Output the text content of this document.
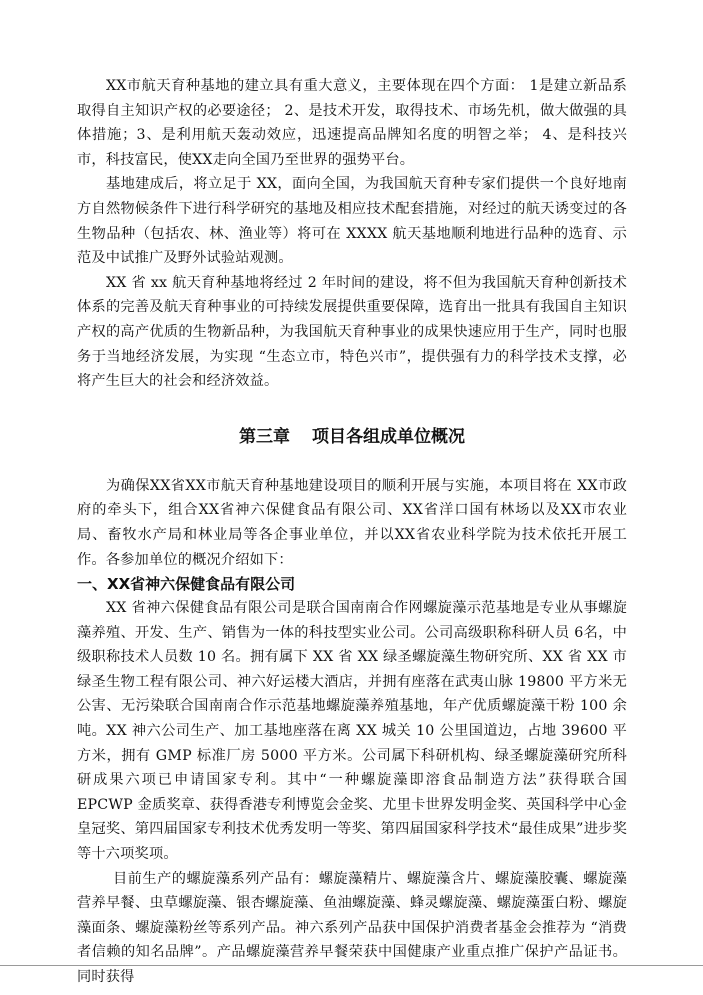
XX市航天育种基地的建立具有重大意义，主要体现在四个方面： 1是建立新品系取得自主知识产权的必要途径； 2、是技术开发，取得技术、市场先机，做大做强的具体措施；3、是利用航天轰动效应，迅速提高品牌知名度的明智之举； 4、是科技兴市，科技富民，使XX走向全国乃至世界的强势平台。

基地建成后，将立足于 XX，面向全国，为我国航天育种专家们提供一个良好地南方自然物候条件下进行科学研究的基地及相应技术配套措施，对经过的航天诱变过的各生物品种（包括农、林、渔业等）将可在 XXXX 航天基地顺利地进行品种的选育、示范及中试推广及野外试验站观测。

XX 省 xx 航天育种基地将经过 2 年时间的建设，将不但为我国航天育种创新技术体系的完善及航天育种事业的可持续发展提供重要保障，选育出一批具有我国自主知识产权的高产优质的生物新品种，为我国航天育种事业的成果快速应用于生产，同时也服务于当地经济发展，为实现 “生态立市，特色兴市”，提供强有力的科学技术支撑，必将产生巨大的社会和经济效益。

第三章 项目各组成单位概况

为确保XX省XX市航天育种基地建设项目的顺利开展与实施，本项目将在 XX市政府的牵头下，组合XX省神六保健食品有限公司、XX省洋口国有林场以及XX市农业局、畜牧水产局和林业局等各企事业单位，并以XX省农业科学院为技术依托开展工作。各参加单位的概况介绍如下：

一、XX省神六保健食品有限公司

XX 省神六保健食品有限公司是联合国南南合作网螺旋藻示范基地是专业从事螺旋藻养殖、开发、生产、销售为一体的科技型实业公司。公司高级职称科研人员 6名，中级职称技术人员数 10 名。拥有属下 XX 省 XX 绿圣螺旋藻生物研究所、XX 省 XX 市绿圣生物工程有限公司、神六好运楼大酒店，并拥有座落在武夷山脉 19800 平方米无公害、无污染联合国南南合作示范基地螺旋藻养殖基地，年产优质螺旋藻干粉 100 余吨。XX 神六公司生产、加工基地座落在离 XX 城关 10 公里国道边，占地 39600 平方米，拥有 GMP 标准厂房 5000 平方米。公司属下科研机构、绿圣螺旋藻研究所科研成果六项已申请国家专利。其中“一种螺旋藻即溶食品制造方法”获得联合国 EPCWP 金质奖章、获得香港专利博览会金奖、尤里卡世界发明金奖、英国科学中心金皇冠奖、第四届国家专利技术优秀发明一等奖、第四届国家科学技术“最佳成果”进步奖等十六项奖项。

目前生产的螺旋藻系列产品有：螺旋藻精片、螺旋藻含片、螺旋藻胶囊、螺旋藻营养早餐、虫草螺旋藻、银杏螺旋藻、鱼油螺旋藻、蜂灵螺旋藻、螺旋藻蛋白粉、螺旋藻面条、螺旋藻粉丝等系列产品。神六系列产品获中国保护消费者基金会推荐为 “消费者信赖的知名品牌”。产品螺旋藻营养早餐荣获中国健康产业重点推广保护产品证书。同时获得
